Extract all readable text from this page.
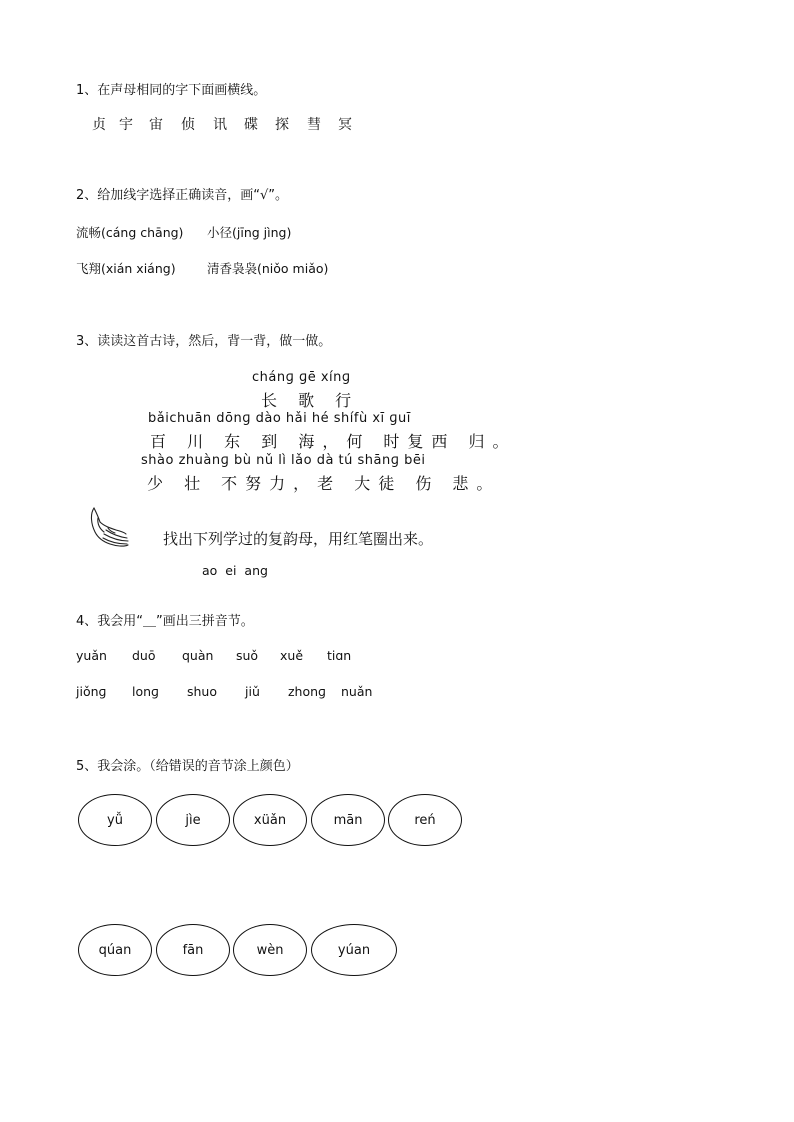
1、在声母相同的字下面画横线。
贞 宇 宙 侦 讯 碟 探 彗 冥
2、给加线字选择正确读音，画“√”。
流畅(cáng chāng) 小径(jīng jìng)
飞翔(xián xiáng)	清香袅袅(niǒo miǎo)
3、读读这首古诗，然后，背一背，做一做。
chánɡ ɡē xínɡ
长 歌 行
bǎichuān dōnɡ dào hǎi hé shífù xī ɡuī
百 川 东 到 海，何 时复西 归。
shào zhuànɡ bù nǔ lì lǎo dà tú shānɡ bēi
少 壮 不努力，老 大徒 伤 悲。
找出下列学过的复韵母，用红笔圈出来。
ao ei ang
4、我会用“＿”画出三拼音节。
yuǎn duō quàn suǒ xuě tiɑn
jiǒnɡ lonɡ shuo jiǔ zhonɡ nuǎn
5、我会涂。（给错误的音节涂上颜色）
yǚ	jìe	xüǎn	mān	reń
qúan	fān	wèn	yúan
